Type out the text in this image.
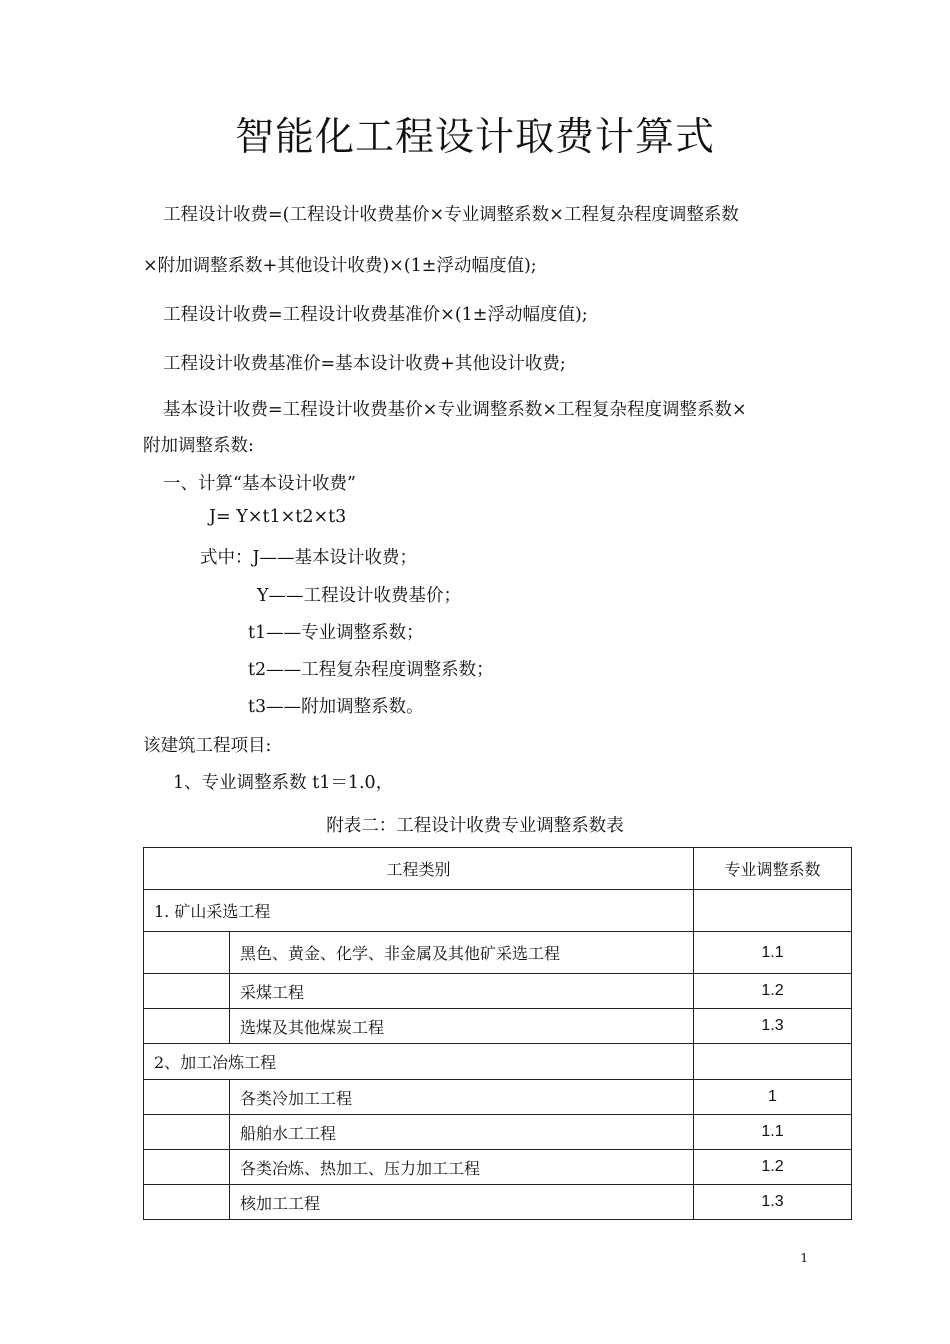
智能化工程设计取费计算式
工程设计收费=(工程设计收费基价×专业调整系数×工程复杂程度调整系数
×附加调整系数+其他设计收费)×(1±浮动幅度值);
工程设计收费=工程设计收费基准价×(1±浮动幅度值);
工程设计收费基准价=基本设计收费+其他设计收费;
基本设计收费=工程设计收费基价×专业调整系数×工程复杂程度调整系数×
附加调整系数:
一、计算“基本设计收费”
J= Y×t1×t2×t3
式中：J——基本设计收费；
Y——工程设计收费基价；
t1——专业调整系数；
t2——工程复杂程度调整系数；
t3——附加调整系数。
该建筑工程项目:
1、专业调整系数 t1＝1.0，
附表二：工程设计收费专业调整系数表
工程类别		专业调整系数
1. 矿山采选工程		
	黑色、黄金、化学、非金属及其他矿采选工程	1.1
	采煤工程	1.2
	选煤及其他煤炭工程	1.3
2、加工冶炼工程		
	各类冷加工工程	1
	船舶水工工程	1.1
	各类冶炼、热加工、压力加工工程	1.2
	核加工工程	1.3
1
